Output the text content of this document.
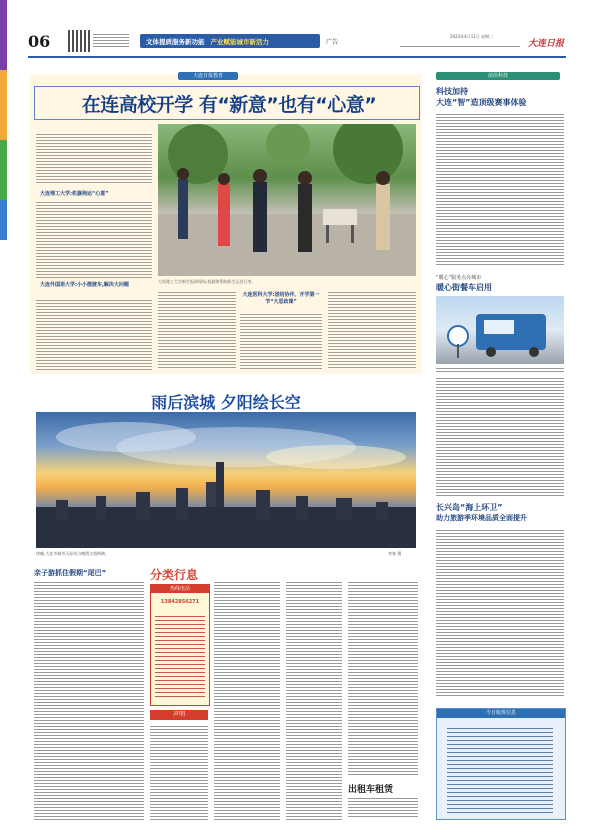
06	文体提质服务新功能 产业赋能城市新活力	广告
2023年4月11日 星期二
大连日报
大连日报教育
在连高校开学 有“新意”也有“心意”
大连理工大学:机器狗运“心意”
大连外国语大学:小小摆渡车,解决大问题
大连理工大学新生报到现场,机器狗帮助新生运送行李。
大连医科大学:团结协作、开学第一节“大思政课”
雨后滨城 夕阳绘长空
傍晚,大连市城市天际线与晚霞交相辉映。	李春 摄
前沿科技
科技加持
大连“智”造顶级赛事体验
“暖心”服务点亮城市
暖心街餐车启用
长兴岛“海上环卫”
助力旅游季环境品质全面提升
今日航班信息
亲子游抓住假期“尾巴”	分类行息
热线电话
13842856271
声明
出租车租赁
